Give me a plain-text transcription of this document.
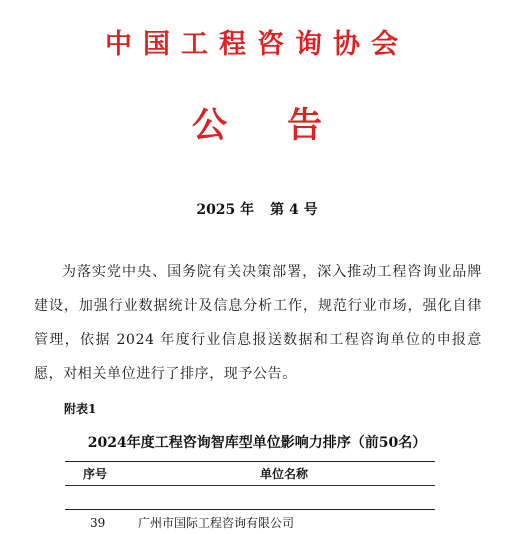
中国工程咨询协会
公告
2025 年 第 4 号
为落实党中央、国务院有关决策部署，深入推动工程咨询业品牌建设，加强行业数据统计及信息分析工作，规范行业市场，强化自律管理，依据 2024 年度行业信息报送数据和工程咨询单位的申报意愿，对相关单位进行了排序，现予公告。
附表1
2024年度工程咨询智库型单位影响力排序（前50名）
序号	单位名称
39	广州市国际工程咨询有限公司
